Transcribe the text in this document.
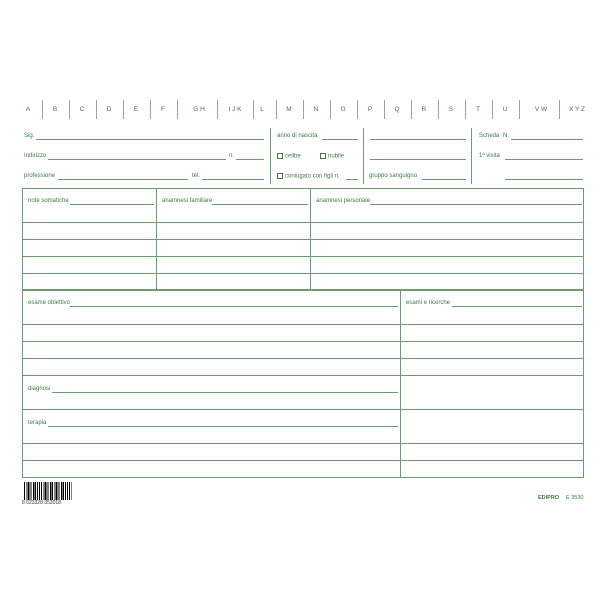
A	B	C	D	E	F	G H	I J K	L	M	N	O	P	Q	R	S	T	U	V W	X Y Z
Sig.
Indirizzo	n.
professione	tel.
anno di nascita
celibe	nubile
coniugato con figli n.	gruppo sanguigno
Scheda N.
1ª visita
note somatiche	anamnesi familiare	anamnesi personale
esame obiettivo	esami e ricerche
diagnosi
terapia
8 023328 353018
EDIPRO E 3530
